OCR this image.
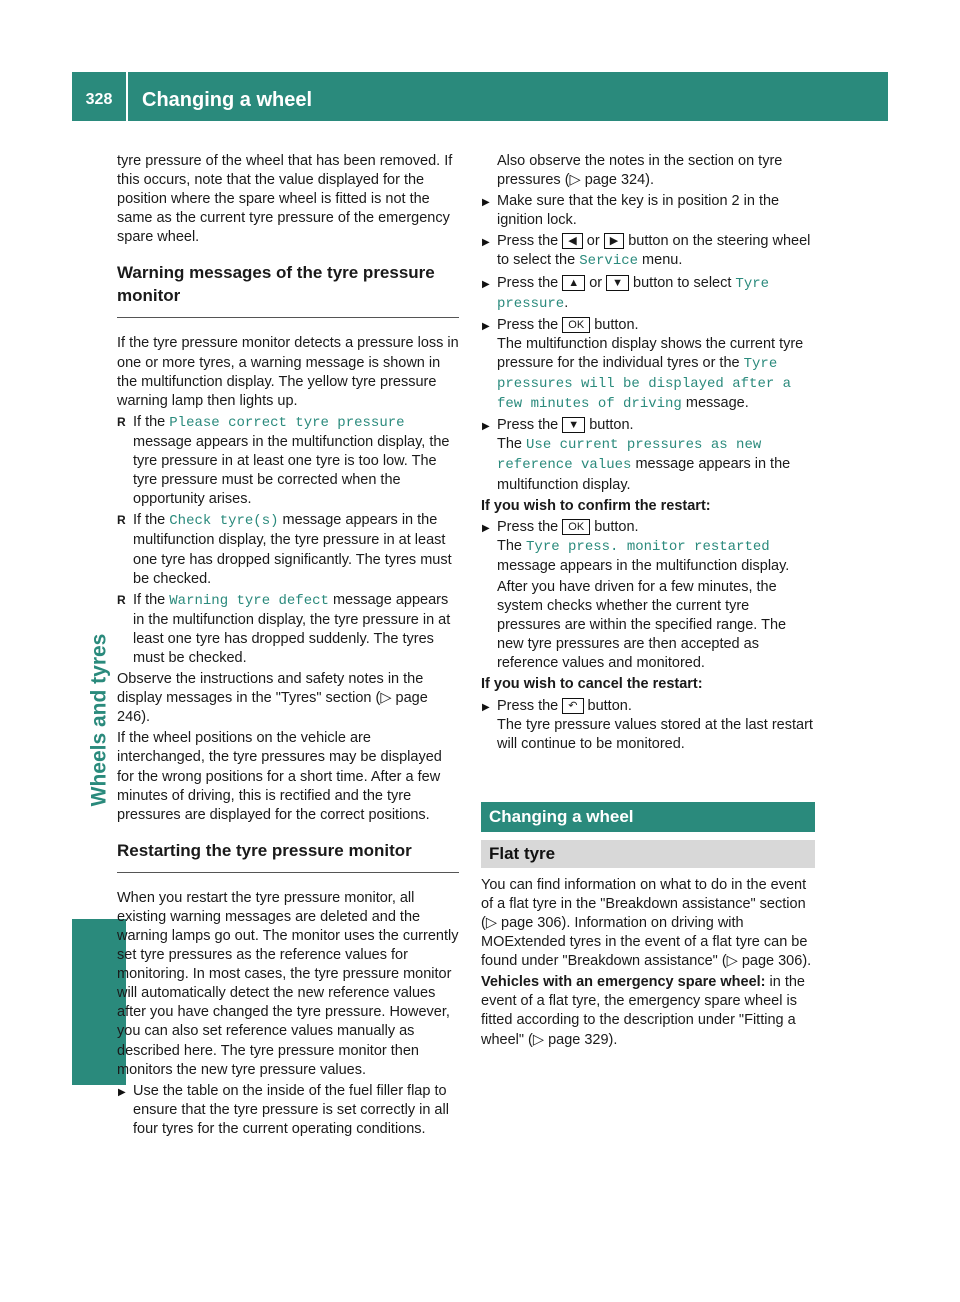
328	Changing a wheel
Wheels and tyres

tyre pressure of the wheel that has been removed. If this occurs, note that the value displayed for the position where the spare wheel is fitted is not the same as the current tyre pressure of the emergency spare wheel.

Warning messages of the tyre pressure monitor

If the tyre pressure monitor detects a pressure loss in one or more tyres, a warning message is shown in the multifunction display. The yellow tyre pressure warning lamp then lights up.

R If the Please correct tyre pressure message appears in the multifunction display, the tyre pressure in at least one tyre is too low. The tyre pressure must be corrected when the opportunity arises.

R If the Check tyre(s) message appears in the multifunction display, the tyre pressure in at least one tyre has dropped significantly. The tyres must be checked.

R If the Warning tyre defect message appears in the multifunction display, the tyre pressure in at least one tyre has dropped suddenly. The tyres must be checked.

Observe the instructions and safety notes in the display messages in the "Tyres" section (▷ page 246).

If the wheel positions on the vehicle are interchanged, the tyre pressures may be displayed for the wrong positions for a short time. After a few minutes of driving, this is rectified and the tyre pressures are displayed for the correct positions.

Restarting the tyre pressure monitor

When you restart the tyre pressure monitor, all existing warning messages are deleted and the warning lamps go out. The monitor uses the currently set tyre pressures as the reference values for monitoring. In most cases, the tyre pressure monitor will automatically detect the new reference values after you have changed the tyre pressure. However, you can also set reference values manually as described here. The tyre pressure monitor then monitors the new tyre pressure values.

▶ Use the table on the inside of the fuel filler flap to ensure that the tyre pressure is set correctly in all four tyres for the current operating conditions.

Also observe the notes in the section on tyre pressures (▷ page 324).

▶ Make sure that the key is in position 2 in the ignition lock.

▶ Press the ◀ or ▶ button on the steering wheel to select the Service menu.

▶ Press the ▲ or ▼ button to select Tyre pressure.

▶ Press the OK button.
The multifunction display shows the current tyre pressure for the individual tyres or the Tyre pressures will be displayed after a few minutes of driving message.

▶ Press the ▼ button.
The Use current pressures as new reference values message appears in the multifunction display.

If you wish to confirm the restart:

▶ Press the OK button.
The Tyre press. monitor restarted message appears in the multifunction display.

After you have driven for a few minutes, the system checks whether the current tyre pressures are within the specified range. The new tyre pressures are then accepted as reference values and monitored.

If you wish to cancel the restart:

▶ Press the ↶ button.
The tyre pressure values stored at the last restart will continue to be monitored.

Changing a wheel
Flat tyre

You can find information on what to do in the event of a flat tyre in the "Breakdown assistance" section (▷ page 306). Information on driving with MOExtended tyres in the event of a flat tyre can be found under "Breakdown assistance" (▷ page 306).

Vehicles with an emergency spare wheel: in the event of a flat tyre, the emergency spare wheel is fitted according to the description under "Fitting a wheel" (▷ page 329).
